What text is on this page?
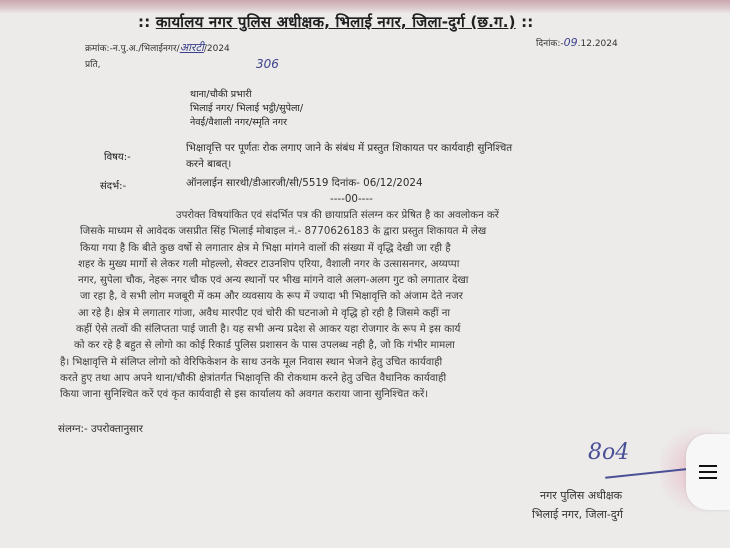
:: कार्यालय नगर पुलिस अधीक्षक, भिलाई नगर, जिला-दुर्ग (छ.ग.) ::
क्रमांक:-न.पु.अ./भिलाईनगर/आरटी/2024
306
दिनांक:-09.12.2024
प्रति,
थाना/चौकी प्रभारी
भिलाई नगर/ भिलाई भट्ठी/सुपेला/
नेवई/वैशाली नगर/स्मृति नगर
विषय:-
भिक्षावृत्ति पर पूर्णतः रोक लगाए जाने के संबंध में प्रस्तुत शिकायत पर कार्यवाही सुनिश्चित
करने बाबत्।
संदर्भ:-	ऑनलाईन सारथी/डीआरजी/सी/5519 दिनांक- 06/12/2024
----00----
उपरोक्त विषयांकित एवं संदर्भित पत्र की छायाप्रति संलग्न कर प्रेषित है का अवलोकन करें
जिसके माध्यम से आवेदक जसप्रीत सिंह भिलाई मोबाइल नं.- 8770626183 के द्वारा प्रस्तुत शिकायत मे लेख
किया गया है कि बीते कुछ वर्षो से लगातार क्षेत्र मे भिक्षा मांगने वालों की संख्या में वृद्धि देखी जा रही है
शहर के मुख्य मार्गो से लेकर गली मोहल्लो, सेक्टर टाउनशिप एरिया, वैशाली नगर के उत्सासनगर, अय्यप्पा
नगर, सुपेला चौक, नेहरू नगर चौक एवं अन्य स्थानों पर भीख मांगने वाले अलग-अलग गुट को लगातार देखा
जा रहा है, वे सभी लोग मजबूरी में कम और व्यवसाय के रूप में ज्यादा भी भिक्षावृत्ति को अंजाम देते नजर
आ रहे है। क्षेत्र मे लगातार गांजा, अवैध मारपीट एवं चोरी की घटनाओ मे वृद्धि हो रही है जिसमे कहीं ना
कहीं ऐसे तत्वों की संलिप्तता पाई जाती है। यह सभी अन्य प्रदेश से आकर यहा रोजगार के रूप मे इस कार्य
को कर रहे है बहुत से लोगो का कोई रिकार्ड पुलिस प्रशासन के पास उपलब्ध नही है, जो कि गंभीर मामला
है। भिक्षावृत्ति मे संलिप्त लोगो को वेरिफिकेशन के साथ उनके मूल निवास स्थान भेजने हेतु उचित कार्यवाही
करते हुए तथा आप अपने थाना/चौकी क्षेत्रांतर्गत भिक्षावृत्ति की रोकथाम करने हेतु उचित वैधानिक कार्यवाही
किया जाना सुनिश्चित करें एवं कृत कार्यवाही से इस कार्यालय को अवगत कराया जाना सुनिश्चित करें।
संलग्न:- उपरोक्तानुसार
8o4
नगर पुलिस अधीक्षक
भिलाई नगर, जिला-दुर्ग
